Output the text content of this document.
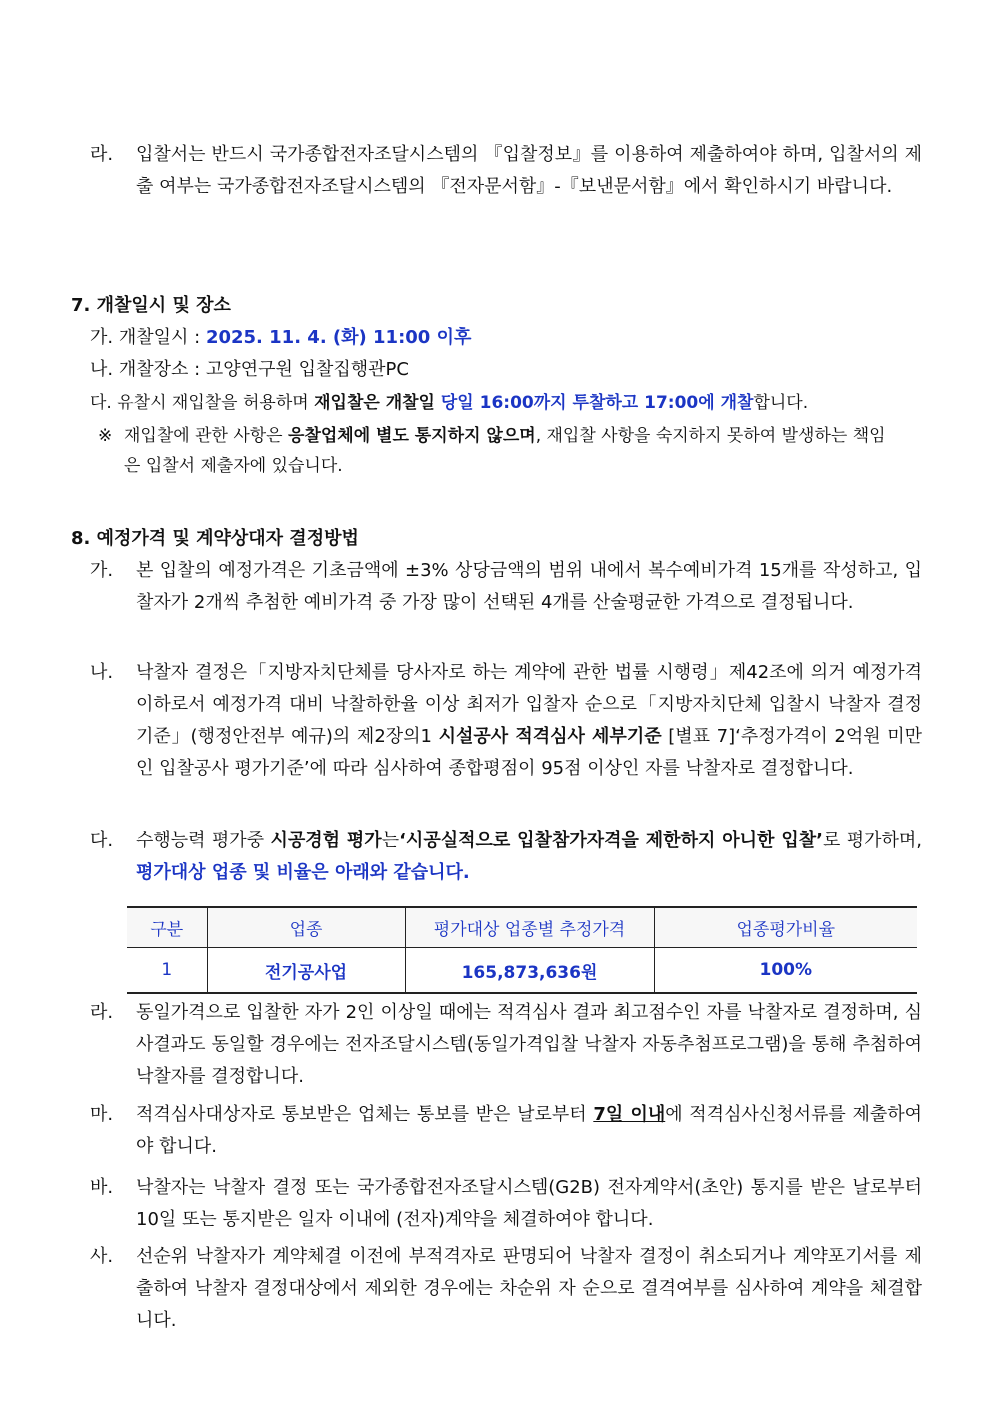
라.	입찰서는 반드시 국가종합전자조달시스템의 『입찰정보』를 이용하여 제출하여야 하며, 입찰서의 제출 여부는 국가종합전자조달시스템의 『전자문서함』-『보낸문서함』에서 확인하시기 바랍니다.
7. 개찰일시 및 장소
가. 개찰일시 : 2025. 11. 4. (화) 11:00 이후
나. 개찰장소 : 고양연구원 입찰집행관PC
다. 유찰시 재입찰을 허용하며 재입찰은 개찰일 당일 16:00까지 투찰하고 17:00에 개찰합니다.
※ 재입찰에 관한 사항은 응찰업체에 별도 통지하지 않으며, 재입찰 사항을 숙지하지 못하여 발생하는 책임은 입찰서 제출자에 있습니다.
8. 예정가격 및 계약상대자 결정방법
가.	본 입찰의 예정가격은 기초금액에 ±3% 상당금액의 범위 내에서 복수예비가격 15개를 작성하고, 입찰자가 2개씩 추첨한 예비가격 중 가장 많이 선택된 4개를 산술평균한 가격으로 결정됩니다.
나.	낙찰자 결정은「지방자치단체를 당사자로 하는 계약에 관한 법률 시행령」제42조에 의거 예정가격 이하로서 예정가격 대비 낙찰하한율 이상 최저가 입찰자 순으로「지방자치단체 입찰시 낙찰자 결정기준」(행정안전부 예규)의 제2장의1 시설공사 적격심사 세부기준 [별표 7]‘추정가격이 2억원 미만인 입찰공사 평가기준’에 따라 심사하여 종합평점이 95점 이상인 자를 낙찰자로 결정합니다.
다.	수행능력 평가중 시공경험 평가는‘시공실적으로 입찰참가자격을 제한하지 아니한 입찰’로 평가하며, 평가대상 업종 및 비율은 아래와 같습니다.
구분	업종	평가대상 업종별 추정가격	업종평가비율
1	전기공사업	165,873,636원	100%
라.	동일가격으로 입찰한 자가 2인 이상일 때에는 적격심사 결과 최고점수인 자를 낙찰자로 결정하며, 심사결과도 동일할 경우에는 전자조달시스템(동일가격입찰 낙찰자 자동추첨프로그램)을 통해 추첨하여 낙찰자를 결정합니다.
마.	적격심사대상자로 통보받은 업체는 통보를 받은 날로부터 7일 이내에 적격심사신청서류를 제출하여야 합니다.
바.	낙찰자는 낙찰자 결정 또는 국가종합전자조달시스템(G2B) 전자계약서(초안) 통지를 받은 날로부터 10일 또는 통지받은 일자 이내에 (전자)계약을 체결하여야 합니다.
사.	선순위 낙찰자가 계약체결 이전에 부적격자로 판명되어 낙찰자 결정이 취소되거나 계약포기서를 제출하여 낙찰자 결정대상에서 제외한 경우에는 차순위 자 순으로 결격여부를 심사하여 계약을 체결합니다.
